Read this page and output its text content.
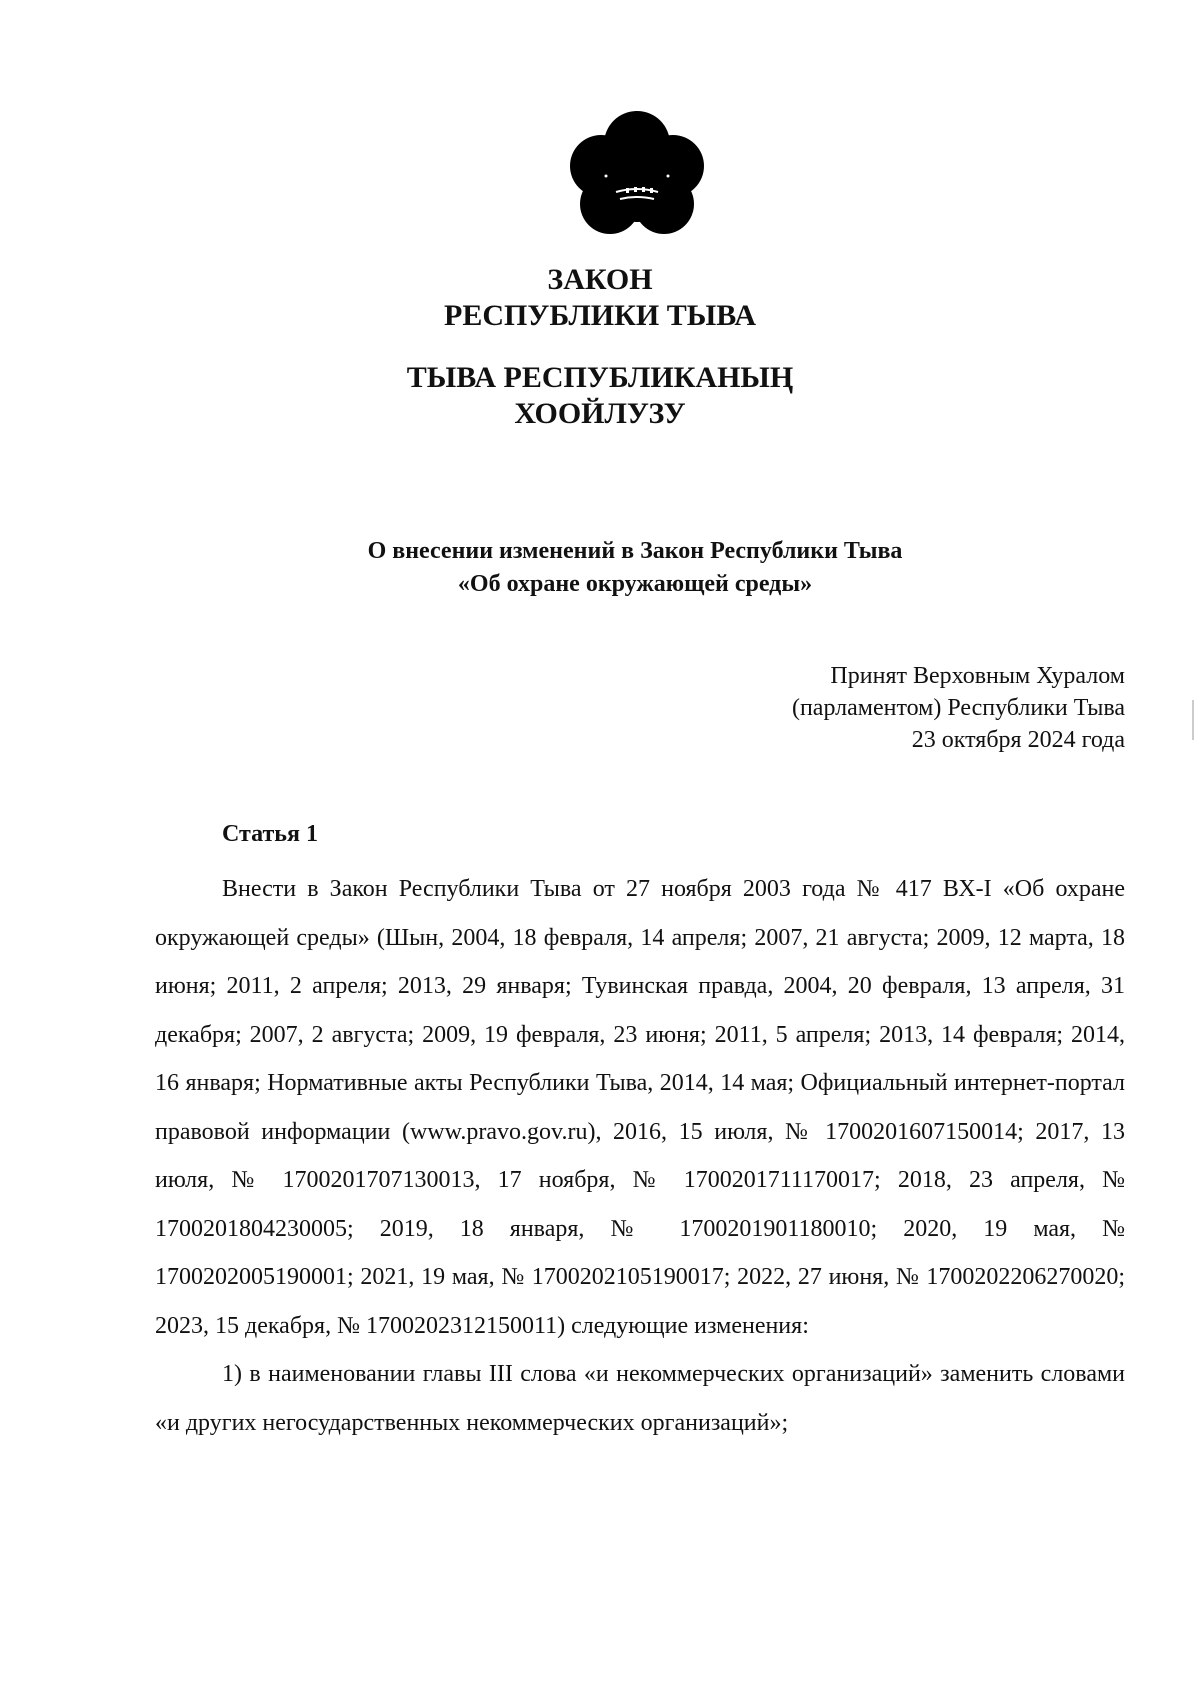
ЗАКОН
РЕСПУБЛИКИ ТЫВА
ТЫВА РЕСПУБЛИКАНЫҢ
ХООЙЛУЗУ
О внесении изменений в Закон Республики Тыва
«Об охране окружающей среды»
Принят Верховным Хуралом
(парламентом) Республики Тыва
23 октября 2024 года
Статья 1

Внести в Закон Республики Тыва от 27 ноября 2003 года № 417 ВХ-I «Об охране окружающей среды» (Шын, 2004, 18 февраля, 14 апреля; 2007, 21 августа; 2009, 12 марта, 18 июня; 2011, 2 апреля; 2013, 29 января; Тувинская правда, 2004, 20 февраля, 13 апреля, 31 декабря; 2007, 2 августа; 2009, 19 февраля, 23 июня; 2011, 5 апреля; 2013, 14 февраля; 2014, 16 января; Нормативные акты Республики Тыва, 2014, 14 мая; Официальный интернет-портал правовой информации (www.pravo.gov.ru), 2016, 15 июля, № 1700201607150014; 2017, 13 июля, № 1700201707130013, 17 ноября, № 1700201711170017; 2018, 23 апреля, № 1700201804230005; 2019, 18 января, № 1700201901180010; 2020, 19 мая, № 1700202005190001; 2021, 19 мая, № 1700202105190017; 2022, 27 июня, № 1700202206270020; 2023, 15 декабря, № 1700202312150011) следующие изменения:

1) в наименовании главы III слова «и некоммерческих организаций» заменить словами «и других негосударственных некоммерческих организаций»;
